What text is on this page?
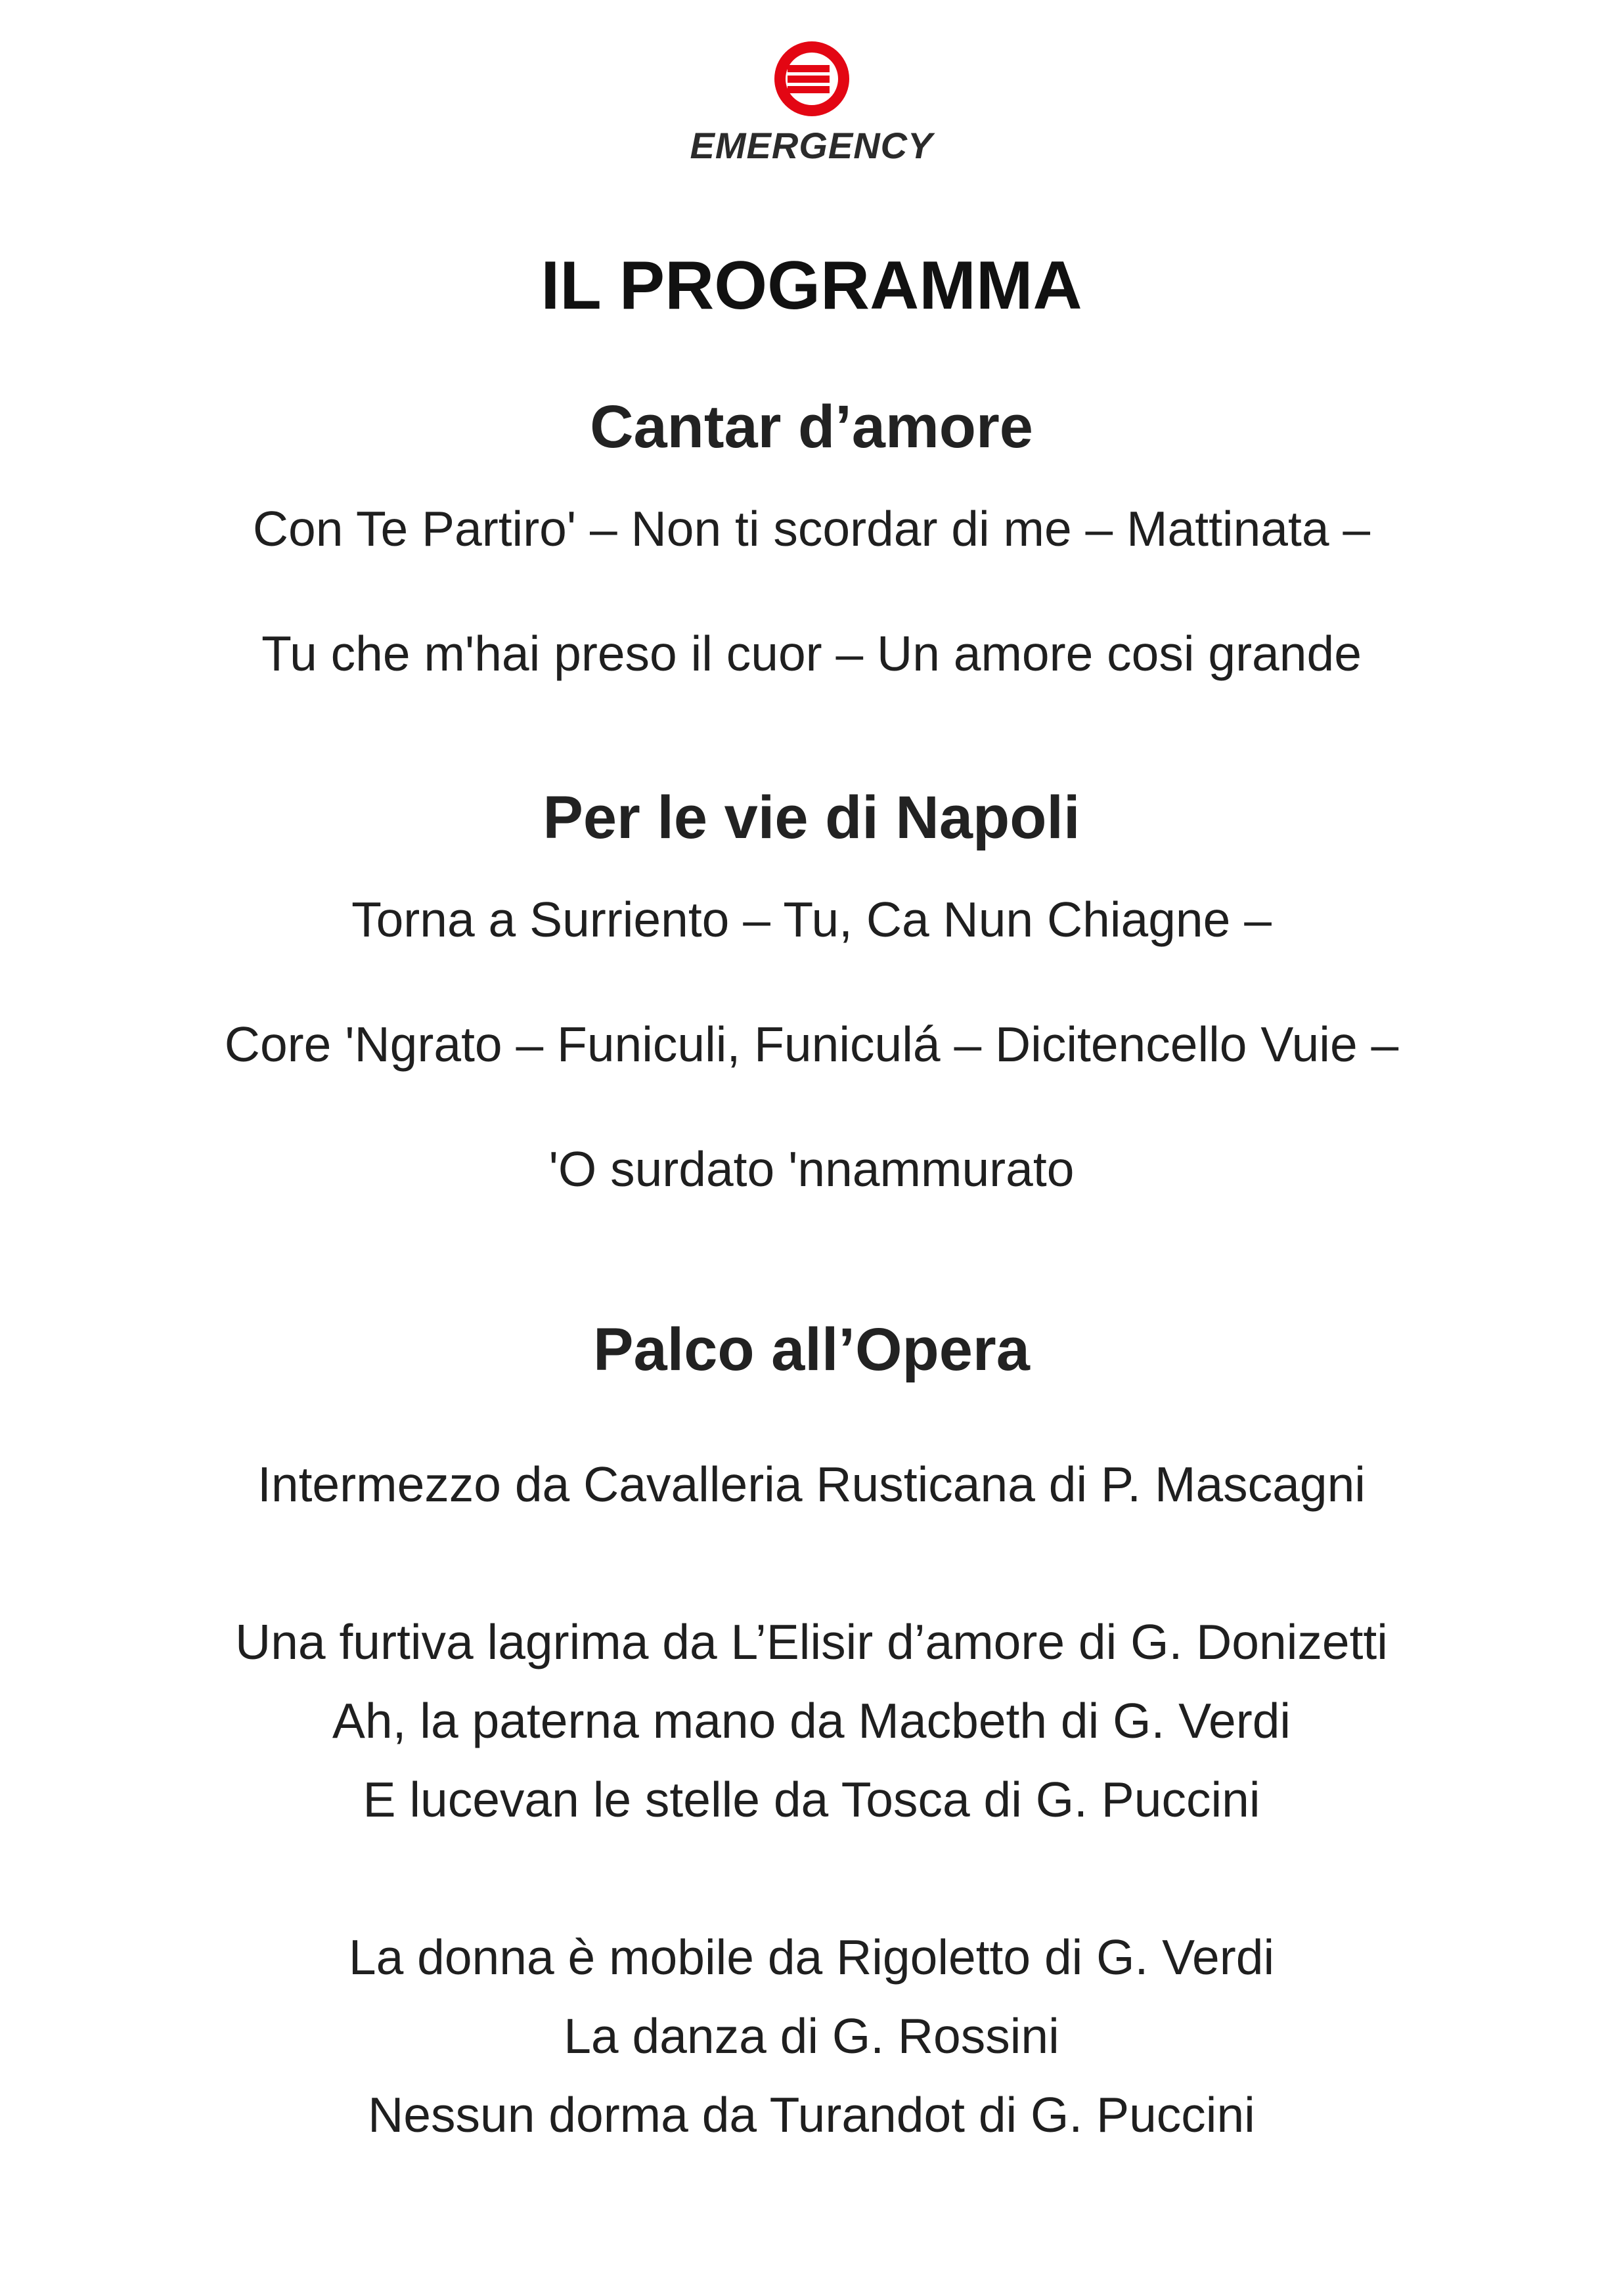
EMERGENCY
IL PROGRAMMA
Cantar d’amore
Con Te Partiro' – Non ti scordar di me – Mattinata –
Tu che m'hai preso il cuor – Un amore cosi grande
Per le vie di Napoli
Torna a Surriento – Tu, Ca Nun Chiagne –
Core 'Ngrato – Funiculi, Funiculá – Dicitencello Vuie –
'O surdato 'nnammurato
Palco all’Opera
Intermezzo da Cavalleria Rusticana di P. Mascagni
Una furtiva lagrima da L’Elisir d’amore di G. Donizetti
Ah, la paterna mano da Macbeth di G. Verdi
E lucevan le stelle da Tosca di G. Puccini
La donna è mobile da Rigoletto di G. Verdi
La danza di G. Rossini
Nessun dorma da Turandot di G. Puccini
